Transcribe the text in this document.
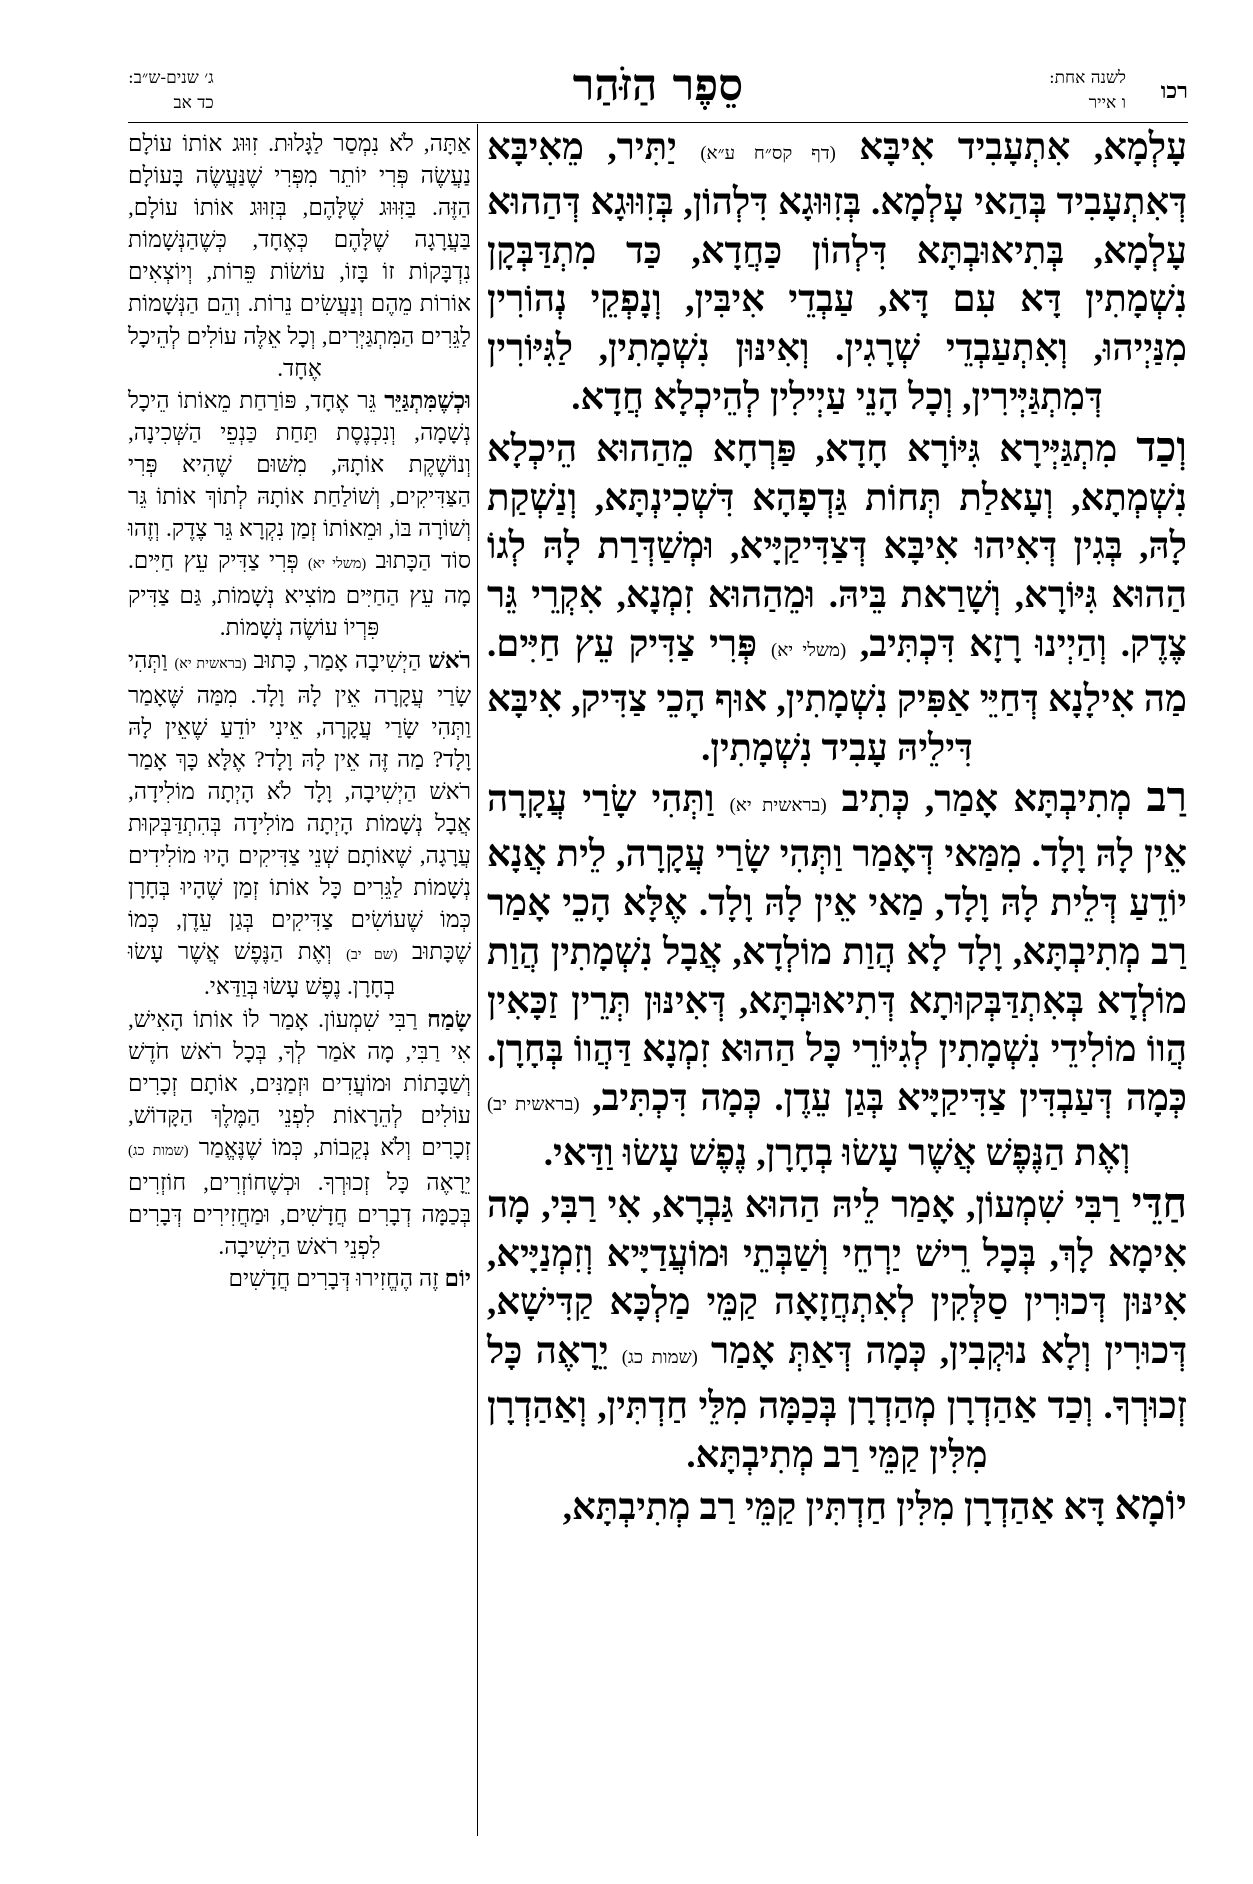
רכו
לשנה אחת:
ו אייר
סֵפֶר הַזֹּהַר
ג׳ שנים-ש״ב:
כד אב

עָלְמָא, אִתְעָבִיד אִיבָּא (דף קס״ח ע״א) יַתִּיר, מֵאִיבָּא דְּאִתְעָבִיד בְּהַאי עָלְמָא. בְּזִוּוּגָא דִּלְהוֹן, בְּזִוּוּגָא דְּהַהוּא עָלְמָא, בְּתִיאוּבְתָּא דִּלְהוֹן כַּחֲדָא, כַּד מִתְדַּבְּקָן נִשְׁמָתִין דָּא עִם דָּא, עַבְדֵי אִיבִּין, וְנָפְקֵי נְהוֹרִין מִנַּיְיהוּ, וְאִתְעַבְדֵי שְׁרָגִין. וְאִינּוּן נִשְׁמָתִין, לַגִּיּוֹרִין דְּמִתְגַּיְּירִין, וְכָל הָנֵי עַיְילִין לְהֵיכְלָא חֲדָא.

וְכַד מִתְגַּיְּירָא גִּיּוֹרָא חָדָא, פַּרְחָא מֵהַהוּא הֵיכְלָא נִשְׁמְתָא, וְעָאלַת תְּחוֹת גַּדְפָהָא דִּשְׁכִינְתָּא, וְנַשְׁקַת לָהּ, בְּגִין דְּאִיהוּ אִיבָּא דְּצַדִּיקַיָּיא, וּמְשַׁדְּרַת לָהּ לְגוֹ הַהוּא גִּיּוֹרָא, וְשָׁרַאת בֵּיהּ. וּמֵהַהוּא זִמְנָא, אִקְרֵי גֵּר צֶדֶק. וְהַיְינוּ רָזָא דִּכְתִּיב, (משלי יא) פְּרִי צַדִּיק עֵץ חַיִּים. מַה אִילָנָא דְּחַיֵּי אַפִּיק נִשְׁמָתִין, אוּף הָכֵי צַדִּיק, אִיבָּא דִּילֵיהּ עָבִיד נִשְׁמָתִין.

רַב מְתִיבְתָּא אָמַר, כְּתִיב (בראשית יא) וַתְּהִי שָׂרַי עֲקָרָה אֵין לָהּ וָלָד. מִמַּאי דְּאָמַר וַתְּהִי שָׂרַי עֲקָרָה, לֵית אֲנָא יוֹדֵעַ דְּלֵית לָהּ וָלָד, מַאי אֵין לָהּ וָלָד. אֶלָּא הָכֵי אָמַר רַב מְתִיבְתָּא, וָלָד לָא הֲוַת מוֹלְדָא, אֲבָל נִשְׁמָתִין הֲוַת מוֹלְדָא בְּאִתְדַּבְּקוּתָא דְּתִיאוּבְתָּא, דְּאִינּוּן תְּרֵין זַכָּאִין הֲווֹ מוֹלִידֵי נִשְׁמָתִין לְגִיּוֹרֵי כָּל הַהוּא זִמְנָא דַּהֲווֹ בְּחָרָן. כְּמָה דְּעַבְדִּין צַדִּיקַיָּיא בְּגַן עֵדֶן. כְּמָה דִּכְתִּיב, (בראשית יב) וְאֶת הַנֶּפֶשׁ אֲשֶׁר עָשׂוּ בְחָרָן, נֶפֶשׁ עָשׂוּ וַדַּאי.

חַדֵּי רַבִּי שִׁמְעוֹן, אָמַר לֵיהּ הַהוּא גַּבְרָא, אִי רַבִּי, מָה אִימָא לָךְ, בְּכָל רֵישׁ יַרְחֵי וְשַׁבְּתֵי וּמוֹעֲדַיָּיא וְזִמְנַיָּיא, אִינּוּן דְּכוּרִין סַלְּקִין לְאִתְחֲזָאָה קַמֵּי מַלְכָּא קַדִּישָׁא, דְּכוּרִין וְלָא נוּקְבִין, כְּמָה דְּאַתְּ אָמַר (שמות כג) יֵרָאֶה כָּל זְכוּרְךָ. וְכַד אַהַדְרָן מְהַדְרָן בְּכַמָּה מִלֵּי חַדְתִּין, וְאַהַדְרָן מִלִּין קַמֵּי רַב מְתִיבְתָּא.

יוֹמָא דָּא אַהַדְרָן מִלִּין חַדְתִּין קַמֵּי רַב מְתִיבְתָּא,

אַתָּה, לֹא נִמְסַר לַגָּלוּת. זִוּוּג אוֹתוֹ עוֹלָם נַעֲשֶׂה פְּרִי יוֹתֵר מִפְּרִי שֶׁנַּעֲשֶׂה בָּעוֹלָם הַזֶּה. בַּזִּוּוּג שֶׁלָּהֶם, בְּזִוּוּג אוֹתוֹ עוֹלָם, בַּעֲרָגָה שֶׁלָּהֶם כְּאֶחָד, כְּשֶׁהַנְּשָׁמוֹת נִדְבָּקוֹת זוֹ בָּזוֹ, עוֹשׂוֹת פֵּרוֹת, וְיוֹצְאִים אוֹרוֹת מֵהֶם וְנַעֲשִׂים נֵרוֹת. וְהֵם הַנְּשָׁמוֹת לַגֵּרִים הַמִּתְגַּיְּרִים, וְכָל אֵלֶּה עוֹלִים לְהֵיכָל אֶחָד.

וּכְשֶׁמִּתְגַּיֵּר גֵּר אֶחָד, פּוֹרַחַת מֵאוֹתוֹ הֵיכָל נְשָׁמָה, וְנִכְנֶסֶת תַּחַת כַּנְפֵי הַשְּׁכִינָה, וְנוֹשֶׁקֶת אוֹתָהּ, מִשּׁוּם שֶׁהִיא פְּרִי הַצַּדִּיקִים, וְשׁוֹלַחַת אוֹתָהּ לְתוֹךְ אוֹתוֹ גֵּר וְשׁוֹרָה בּוֹ, וּמֵאוֹתוֹ זְמַן נִקְרָא גֵּר צֶדֶק. וְזֶהוּ סוֹד הַכָּתוּב (משלי יא) פְּרִי צַדִּיק עֵץ חַיִּים. מָה עֵץ הַחַיִּים מוֹצִיא נְשָׁמוֹת, גַּם צַדִּיק פִּרְיוֹ עוֹשֶׂה נְשָׁמוֹת.

רֹאשׁ הַיְשִׁיבָה אָמַר, כָּתוּב (בראשית יא) וַתְּהִי שָׂרַי עֲקָרָה אֵין לָהּ וָלָד. מִמַּה שֶּׁאָמַר וַתְּהִי שָׂרַי עֲקָרָה, אֵינִי יוֹדֵעַ שֶׁאֵין לָהּ וָלָד? מַה זֶּה אֵין לָהּ וָלָד? אֶלָּא כָּךְ אָמַר רֹאשׁ הַיְשִׁיבָה, וָלָד לֹא הָיְתָה מוֹלִידָה, אֲבָל נְשָׁמוֹת הָיְתָה מוֹלִידָה בְּהִתְדַּבְּקוּת עֲרָגָה, שֶׁאוֹתָם שְׁנֵי צַדִּיקִים הָיוּ מוֹלִידִים נְשָׁמוֹת לַגֵּרִים כָּל אוֹתוֹ זְמַן שֶׁהָיוּ בְּחָרָן כְּמוֹ שֶׁעוֹשִׂים צַדִּיקִים בְּגַן עֵדֶן, כְּמוֹ שֶׁכָּתוּב (שם יב) וְאֶת הַנֶּפֶשׁ אֲשֶׁר עָשׂוּ בְחָרָן. נֶפֶשׁ עָשׂוּ בְּוַדַּאי.

שָׂמַח רַבִּי שִׁמְעוֹן. אָמַר לוֹ אוֹתוֹ הָאִישׁ, אִי רַבִּי, מָה אֹמַר לְךָ, בְּכָל רֹאשׁ חֹדֶשׁ וְשַׁבָּתוֹת וּמוֹעֲדִים וּזְמַנִּים, אוֹתָם זְכָרִים עוֹלִים לְהֵרָאוֹת לִפְנֵי הַמֶּלֶךְ הַקָּדוֹשׁ, זְכָרִים וְלֹא נְקֵבוֹת, כְּמוֹ שֶׁנֶּאֱמַר (שמות כג) יֵרָאֶה כָּל זְכוּרְךָ. וּכְשֶׁחוֹזְרִים, חוֹזְרִים בְּכַמָּה דְבָרִים חֲדָשִׁים, וּמַחֲזִירִים דְּבָרִים לִפְנֵי רֹאשׁ הַיְשִׁיבָה.

יוֹם זֶה הֶחֱזִירוּ דְּבָרִים חֲדָשִׁים
